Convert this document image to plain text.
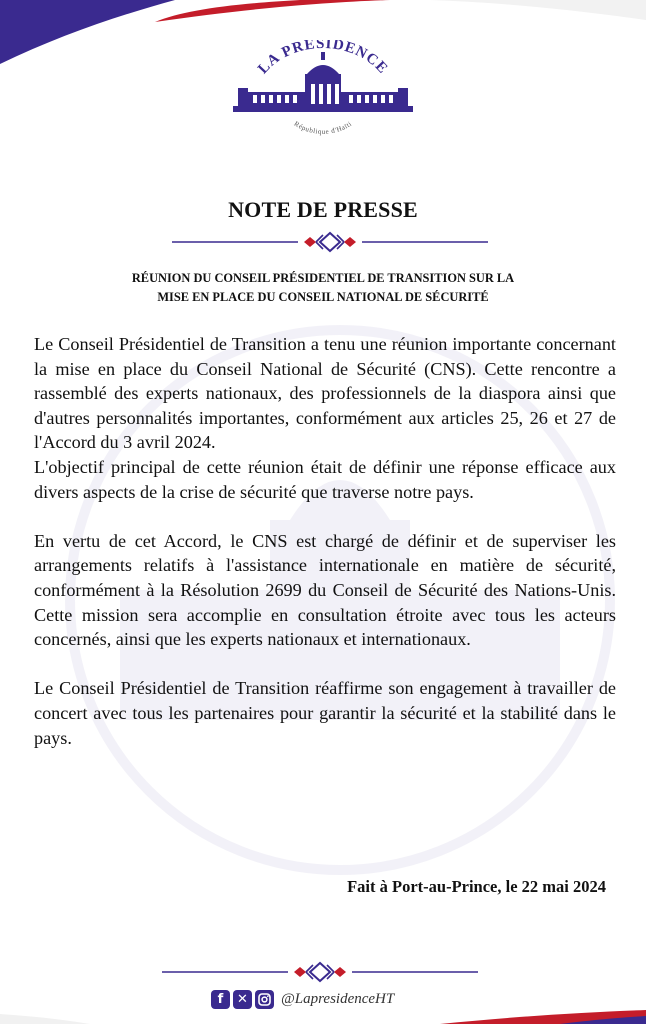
LA PRESIDENCE
République d'Haïti
NOTE DE PRESSE
RÉUNION DU CONSEIL PRÉSIDENTIEL DE TRANSITION SUR LA
MISE EN PLACE DU CONSEIL NATIONAL DE SÉCURITÉ
Le Conseil Présidentiel de Transition a tenu une réunion importante concernant la mise en place du Conseil National de Sécurité (CNS). Cette rencontre a rassemblé des experts nationaux, des professionnels de la diaspora ainsi que d'autres personnalités importantes, conformément aux articles 25, 26 et 27 de l'Accord du 3 avril 2024.

L'objectif principal de cette réunion était de définir une réponse efficace aux divers aspects de la crise de sécurité que traverse notre pays.

En vertu de cet Accord, le CNS est chargé de définir et de superviser les arrangements relatifs à l'assistance internationale en matière de sécurité, conformément à la Résolution 2699 du Conseil de Sécurité des Nations-Unis. Cette mission sera accomplie en consultation étroite avec tous les acteurs concernés, ainsi que les experts nationaux et internationaux.

Le Conseil Présidentiel de Transition réaffirme son engagement à travailler de concert avec tous les partenaires pour garantir la sécurité et la stabilité dans le pays.

Fait à Port-au-Prince, le 22 mai 2024
f	✕ @LapresidenceHT
